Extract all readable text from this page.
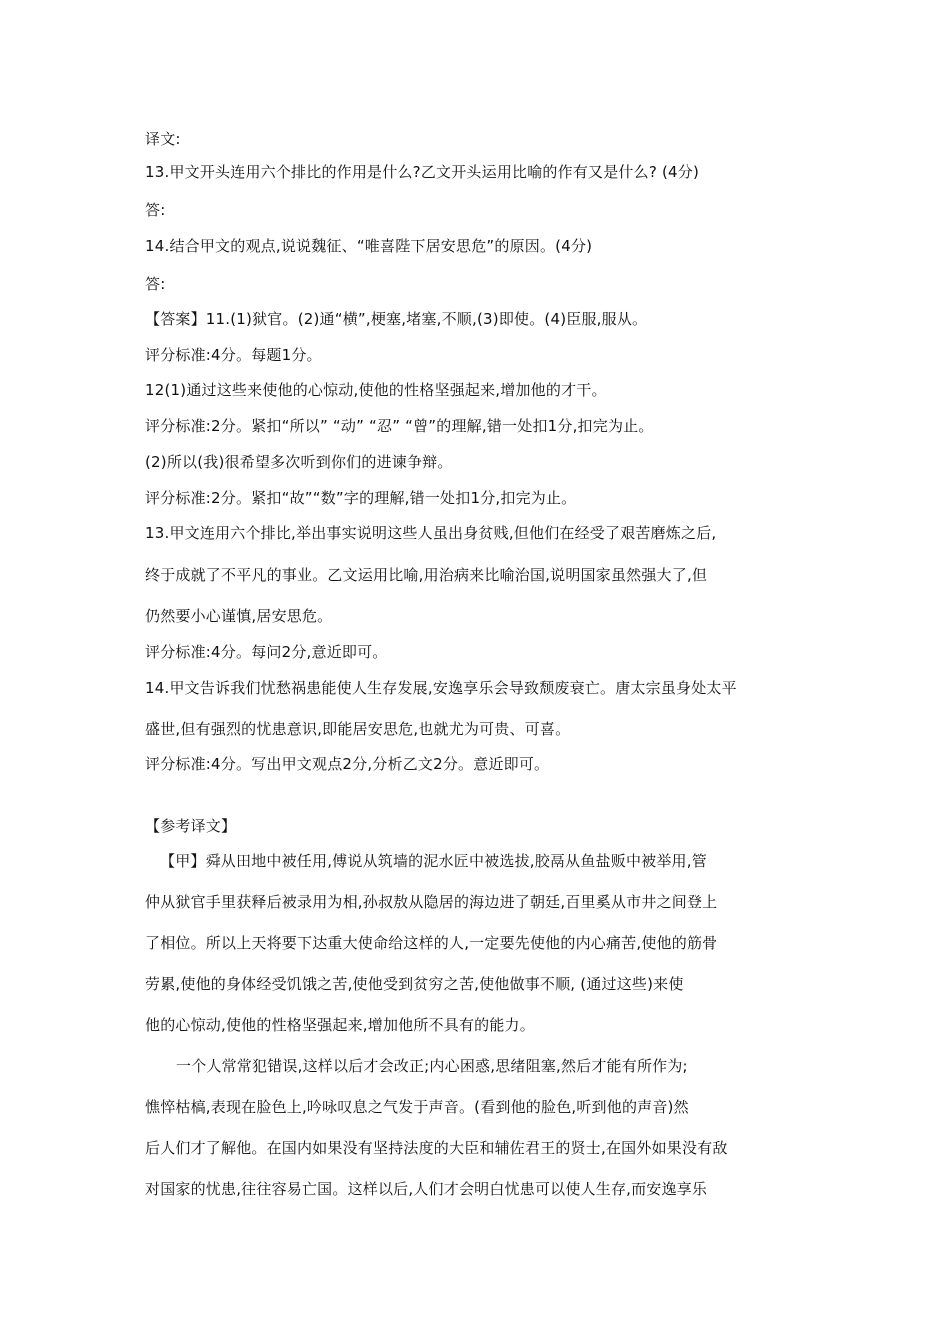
译文:
13.甲文开头连用六个排比的作用是什么?乙文开头运用比喻的作有又是什么? (4分)
答:
14.结合甲文的观点,说说魏征、“唯喜陛下居安思危”的原因。(4分)
答:
【答案】11.(1)狱官。(2)通“横”,梗塞,堵塞,不顺,(3)即使。(4)臣服,服从。
评分标准:4分。每题1分。
12(1)通过这些来使他的心惊动,使他的性格坚强起来,增加他的才干。
评分标准:2分。紧扣“所以” “动” “忍” “曾”的理解,错一处扣1分,扣完为止。
(2)所以(我)很希望多次听到你们的进谏争辩。
评分标准:2分。紧扣“故”“数”字的理解,错一处扣1分,扣完为止。
13.甲文连用六个排比,举出事实说明这些人虽出身贫贱,但他们在经受了艰苦磨炼之后,
终于成就了不平凡的事业。乙文运用比喻,用治病来比喻治国,说明国家虽然强大了,但
仍然要小心谨慎,居安思危。
评分标准:4分。每问2分,意近即可。
14.甲文告诉我们忧愁祸患能使人生存发展,安逸享乐会导致颓废衰亡。唐太宗虽身处太平
盛世,但有强烈的忧患意识,即能居安思危,也就尤为可贵、可喜。
评分标准:4分。写出甲文观点2分,分析乙文2分。意近即可。
【参考译文】
【甲】舜从田地中被任用,傅说从筑墙的泥水匠中被选拔,胶鬲从鱼盐贩中被举用,管
仲从狱官手里获释后被录用为相,孙叔敖从隐居的海边进了朝廷,百里奚从市井之间登上
了相位。所以上天将要下达重大使命给这样的人,一定要先使他的内心痛苦,使他的筋骨
劳累,使他的身体经受饥饿之苦,使他受到贫穷之苦,使他做事不顺, (通过这些)来使
他的心惊动,使他的性格坚强起来,增加他所不具有的能力。
一个人常常犯错误,这样以后才会改正;内心困惑,思绪阻塞,然后才能有所作为;
憔悴枯槁,表现在脸色上,吟咏叹息之气发于声音。(看到他的脸色,听到他的声音)然
后人们才了解他。在国内如果没有坚持法度的大臣和辅佐君王的贤士,在国外如果没有敌
对国家的忧患,往往容易亡国。这样以后,人们才会明白忧患可以使人生存,而安逸享乐
